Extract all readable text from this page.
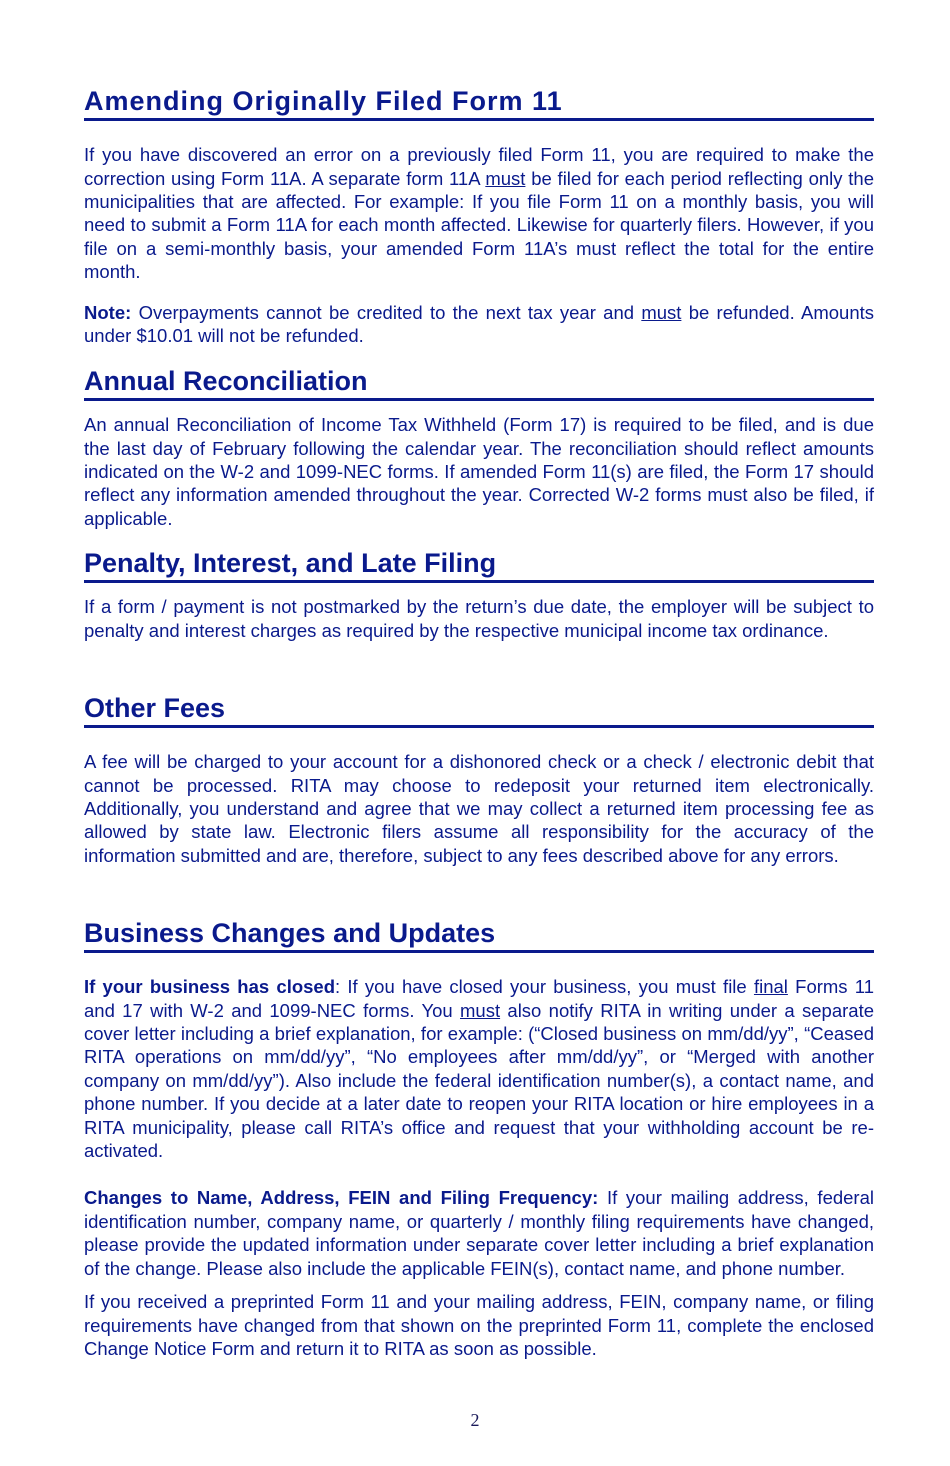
Amending Originally Filed Form 11

If you have discovered an error on a previously filed Form 11, you are required to make the correction using Form 11A. A separate form 11A must be filed for each period reflecting only the municipalities that are affected. For example: If you file Form 11 on a monthly basis, you will need to submit a Form 11A for each month affected. Likewise for quarterly filers. However, if you file on a semi-monthly basis, your amended Form 11A’s must reflect the total for the entire month.

Note: Overpayments cannot be credited to the next tax year and must be refunded. Amounts under $10.01 will not be refunded.

Annual Reconciliation

An annual Reconciliation of Income Tax Withheld (Form 17) is required to be filed, and is due the last day of February following the calendar year. The reconciliation should reflect amounts indicated on the W-2 and 1099-NEC forms. If amended Form 11(s) are filed, the Form 17 should reflect any information amended throughout the year. Corrected W-2 forms must also be filed, if applicable.

Penalty, Interest, and Late Filing

If a form / payment is not postmarked by the return’s due date, the employer will be subject to penalty and interest charges as required by the respective municipal income tax ordinance.

Other Fees

A fee will be charged to your account for a dishonored check or a check / electronic debit that cannot be processed. RITA may choose to redeposit your returned item electronically. Additionally, you understand and agree that we may collect a returned item processing fee as allowed by state law. Electronic filers assume all responsibility for the accuracy of the information submitted and are, therefore, subject to any fees described above for any errors.

Business Changes and Updates

If your business has closed: If you have closed your business, you must file final Forms 11 and 17 with W-2 and 1099-NEC forms. You must also notify RITA in writing under a separate cover letter including a brief explanation, for example: (“Closed business on mm/dd/yy”, “Ceased RITA operations on mm/dd/yy”, “No employees after mm/dd/yy”, or “Merged with another company on mm/dd/yy”). Also include the federal identification number(s), a contact name, and phone number. If you decide at a later date to reopen your RITA location or hire employees in a RITA municipality, please call RITA’s office and request that your withholding account be re-activated.

Changes to Name, Address, FEIN and Filing Frequency: If your mailing address, federal identification number, company name, or quarterly / monthly filing requirements have changed, please provide the updated information under separate cover letter including a brief explanation of the change. Please also include the applicable FEIN(s), contact name, and phone number.

If you received a preprinted Form 11 and your mailing address, FEIN, company name, or filing requirements have changed from that shown on the preprinted Form 11, complete the enclosed Change Notice Form and return it to RITA as soon as possible.

2
